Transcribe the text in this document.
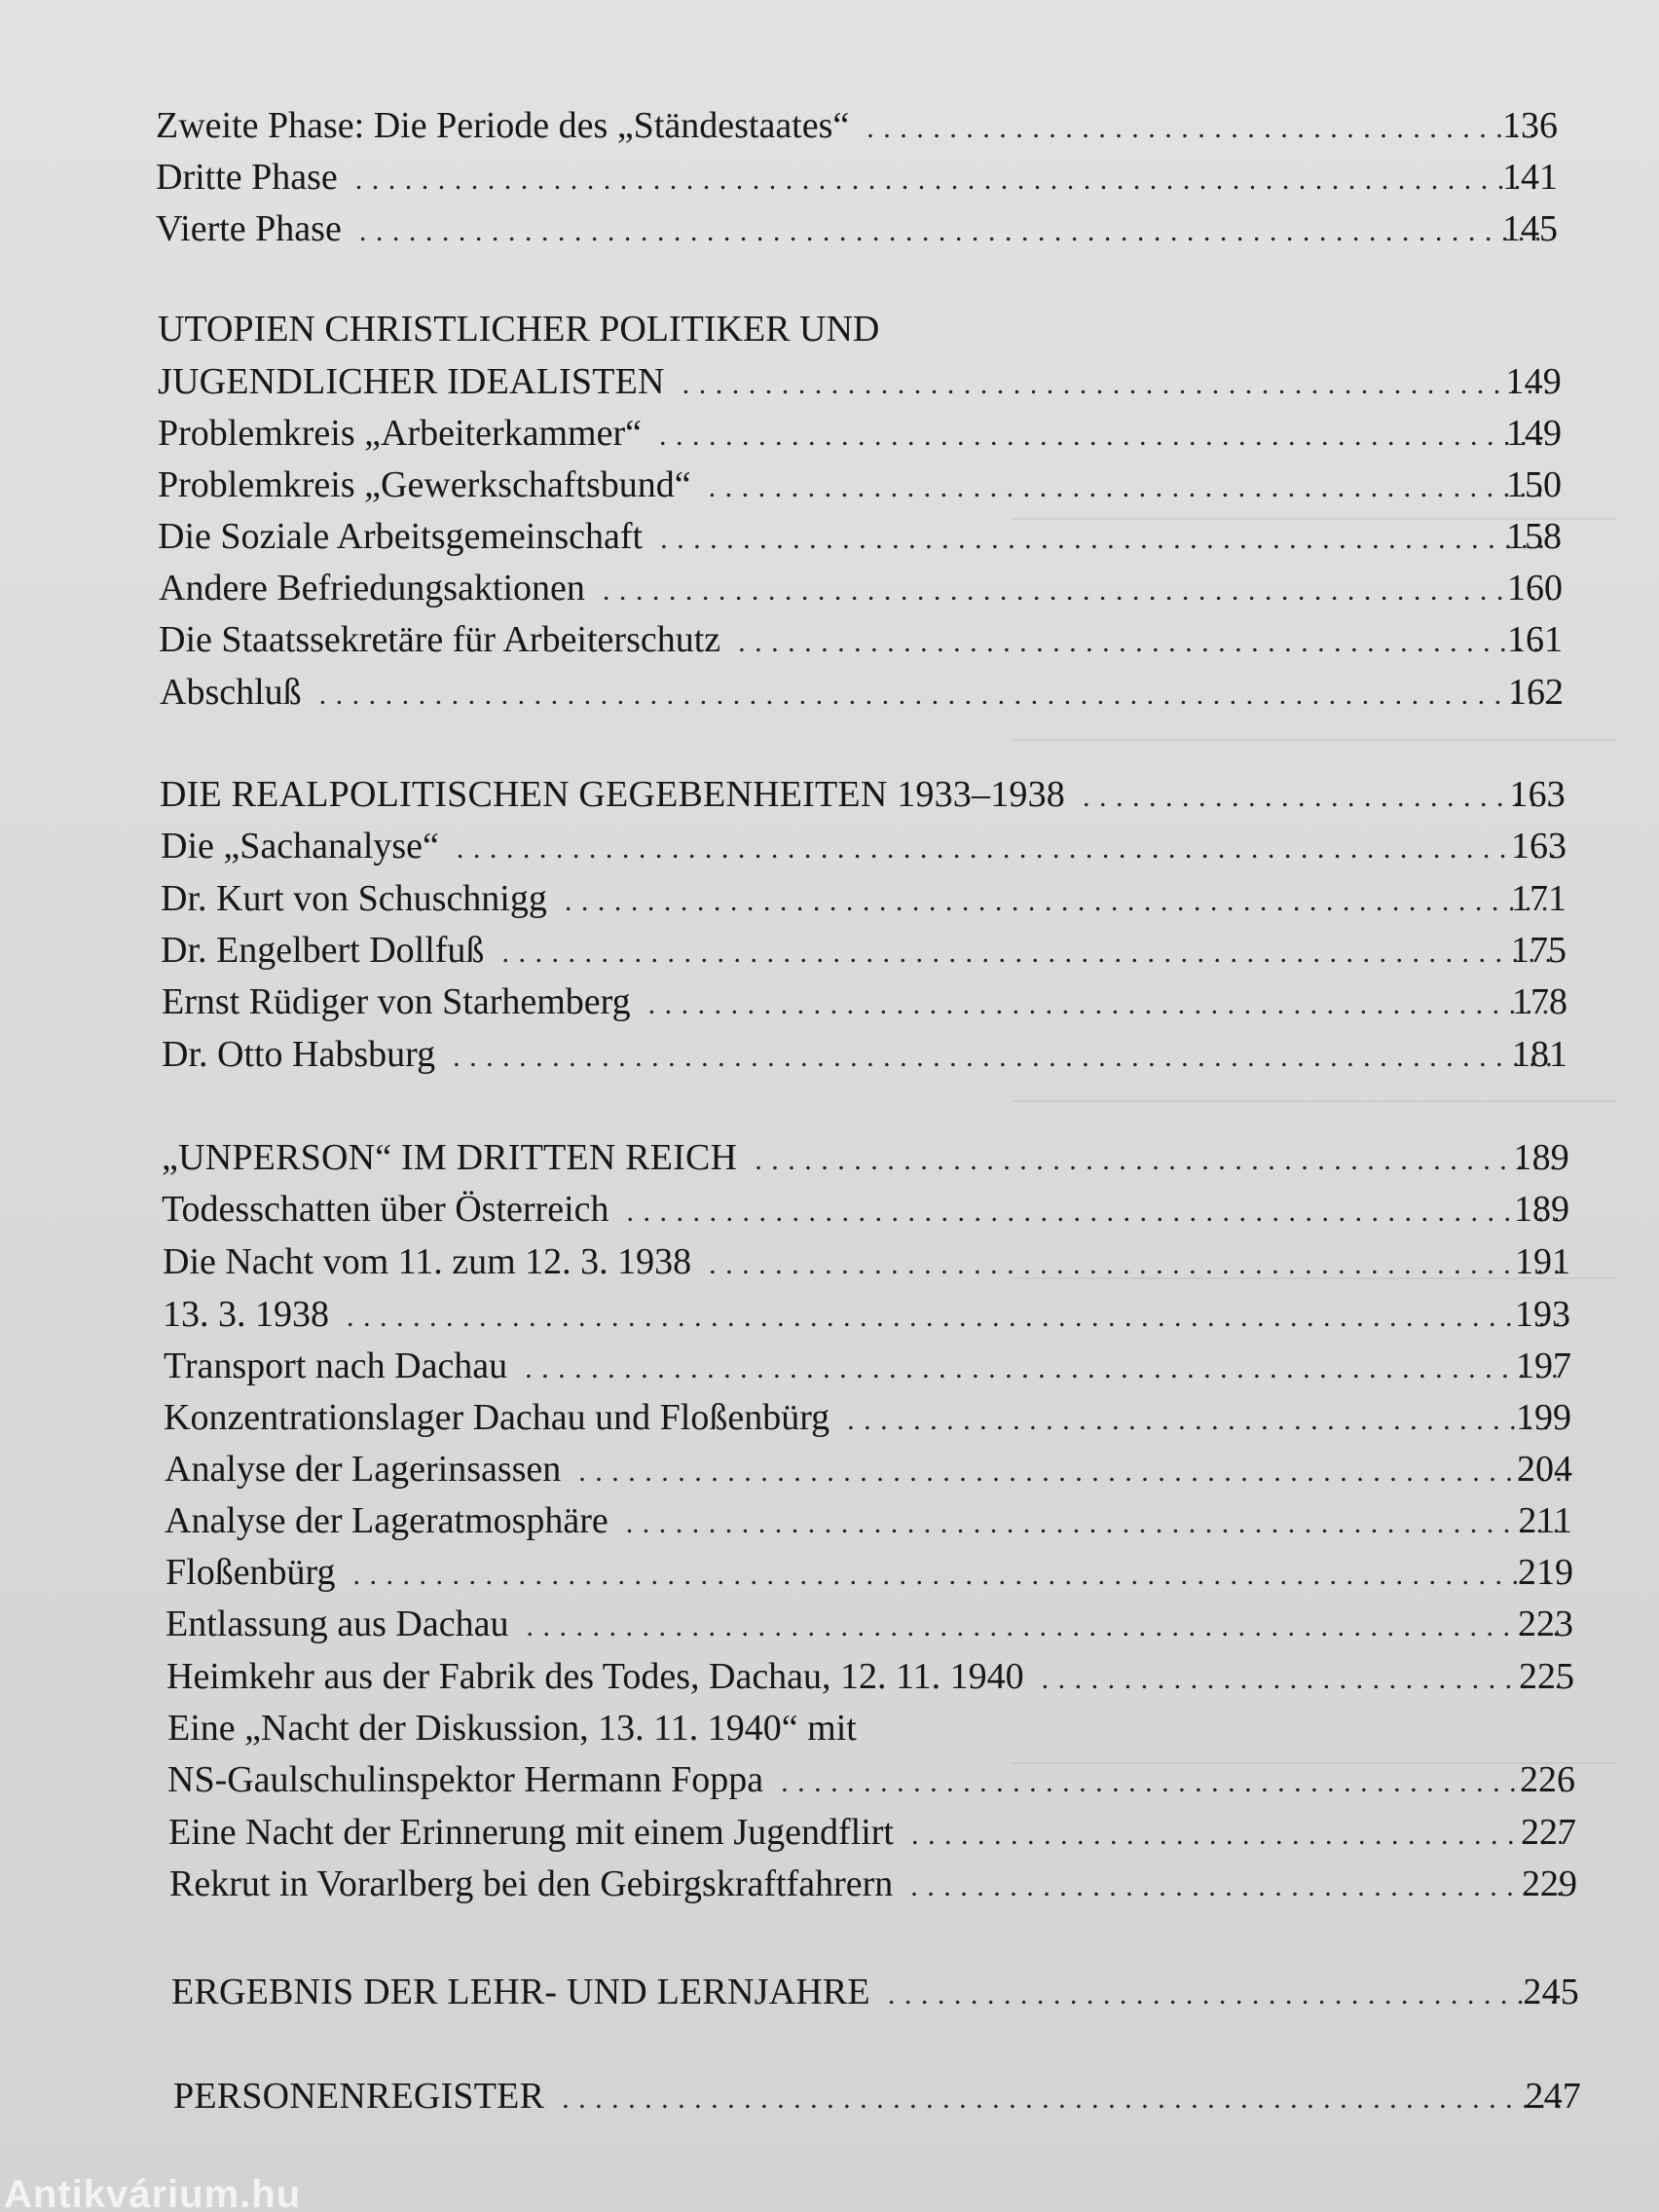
Zweite Phase: Die Periode des „Ständestaates“ . . .	136
Dritte Phase . . .	141
Vierte Phase . . .	145
UTOPIEN CHRISTLICHER POLITIKER UND
JUGENDLICHER IDEALISTEN . . .	149
Problemkreis „Arbeiterkammer“ . . .	149
Problemkreis „Gewerkschaftsbund“ . . .	150
Die Soziale Arbeitsgemeinschaft . . .	158
Andere Befriedungsaktionen . . .	160
Die Staatssekretäre für Arbeiterschutz . . .	161
Abschluß . . .	162
DIE REALPOLITISCHEN GEGEBENHEITEN 1933–1938 . . .	163
Die „Sachanalyse“ . . .	163
Dr. Kurt von Schuschnigg . . .	171
Dr. Engelbert Dollfuß . . .	175
Ernst Rüdiger von Starhemberg . . .	178
Dr. Otto Habsburg . . .	181
„UNPERSON“ IM DRITTEN REICH . . .	189
Todesschatten über Österreich . . .	189
Die Nacht vom 11. zum 12. 3. 1938 . . .	191
13. 3. 1938 . . .	193
Transport nach Dachau . . .	197
Konzentrationslager Dachau und Floßenbürg . . .	199
Analyse der Lagerinsassen . . .	204
Analyse der Lageratmosphäre . . .	211
Floßenbürg . . .	219
Entlassung aus Dachau . . .	223
Heimkehr aus der Fabrik des Todes, Dachau, 12. 11. 1940 . . .	225
Eine „Nacht der Diskussion, 13. 11. 1940“ mit
NS-Gaulschulinspektor Hermann Foppa . . .	226
Eine Nacht der Erinnerung mit einem Jugendflirt . . .	227
Rekrut in Vorarlberg bei den Gebirgskraftfahrern . . .	229
ERGEBNIS DER LEHR- UND LERNJAHRE . . .	245
PERSONENREGISTER . . .	247
Antikvárium.hu
